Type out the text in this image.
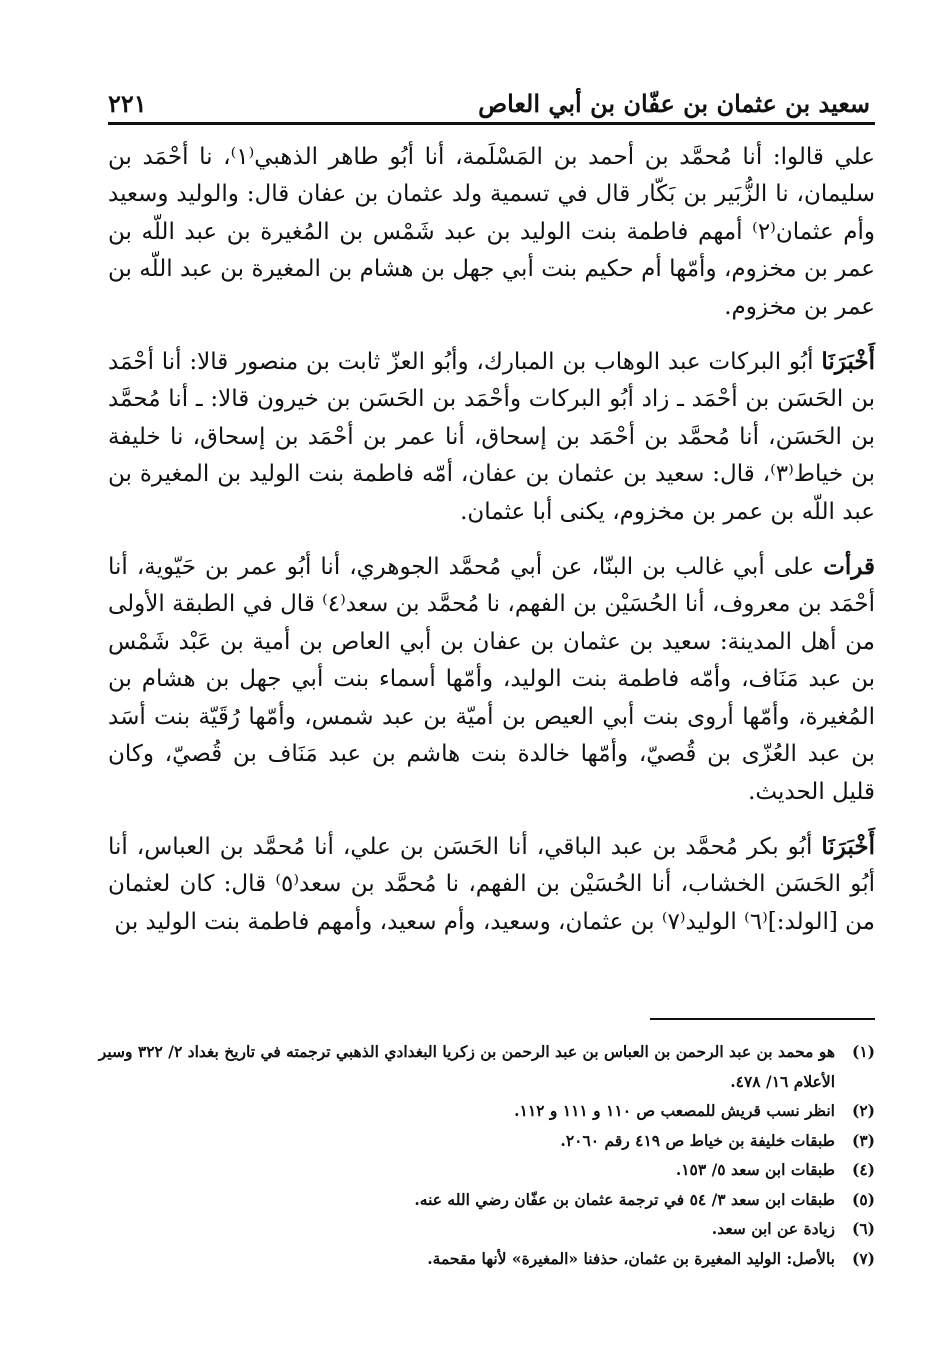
سعيد بن عثمان بن عفّان بن أبي العاص
٢٢١

علي قالوا: أنا مُحمَّد بن أحمد بن المَسْلَمة، أنا أبُو طاهر الذهبي⁽١⁾، نا أحْمَد بن سليمان، نا الزُّبَير بن بَكّار قال في تسمية ولد عثمان بن عفان قال: والوليد وسعيد وأم عثمان⁽٢⁾ أمهم فاطمة بنت الوليد بن عبد شَمْس بن المُغيرة بن عبد اللّه بن عمر بن مخزوم، وأمّها أم حكيم بنت أبي جهل بن هشام بن المغيرة بن عبد اللّه بن عمر بن مخزوم.

أَخْبَرَنَا أبُو البركات عبد الوهاب بن المبارك، وأبُو العزّ ثابت بن منصور قالا: أنا أحْمَد بن الحَسَن بن أحْمَد ـ زاد أبُو البركات وأحْمَد بن الحَسَن بن خيرون قالا: ـ أنا مُحمَّد بن الحَسَن، أنا مُحمَّد بن أحْمَد بن إسحاق، أنا عمر بن أحْمَد بن إسحاق، نا خليفة بن خياط⁽٣⁾، قال: سعيد بن عثمان بن عفان، أمّه فاطمة بنت الوليد بن المغيرة بن عبد اللّه بن عمر بن مخزوم، يكنى أبا عثمان.

قرأت على أبي غالب بن البنّا، عن أبي مُحمَّد الجوهري، أنا أبُو عمر بن حَيّوية، أنا أحْمَد بن معروف، أنا الحُسَيْن بن الفهم، نا مُحمَّد بن سعد⁽٤⁾ قال في الطبقة الأولى من أهل المدينة: سعيد بن عثمان بن عفان بن أبي العاص بن أمية بن عَبْد شَمْس بن عبد مَنَاف، وأمّه فاطمة بنت الوليد، وأمّها أسماء بنت أبي جهل بن هشام بن المُغيرة، وأمّها أروى بنت أبي العيص بن أميّة بن عبد شمس، وأمّها رُقَيّة بنت أسَد بن عبد العُزّى بن قُصيّ، وأمّها خالدة بنت هاشم بن عبد مَنَاف بن قُصيّ، وكان قليل الحديث.

أَخْبَرَنَا أبُو بكر مُحمَّد بن عبد الباقي، أنا الحَسَن بن علي، أنا مُحمَّد بن العباس، أنا أبُو الحَسَن الخشاب، أنا الحُسَيْن بن الفهم، نا مُحمَّد بن سعد⁽٥⁾ قال: كان لعثمان من [الولد:]⁽٦⁾ الوليد⁽٧⁾ بن عثمان، وسعيد، وأم سعيد، وأمهم فاطمة بنت الوليد بن

(١)
هو محمد بن عبد الرحمن بن العباس بن عبد الرحمن بن زكريا البغدادي الذهبي ترجمته في تاريخ بغداد ٢/ ٣٢٢ وسير الأعلام ١٦/ ٤٧٨.
(٢)
انظر نسب قريش للمصعب ص ١١٠ و ١١١ و ١١٢.
(٣)
طبقات خليفة بن خياط ص ٤١٩ رقم ٢٠٦٠.
(٤)
طبقات ابن سعد ٥/ ١٥٣.
(٥)
طبقات ابن سعد ٣/ ٥٤ في ترجمة عثمان بن عفّان رضي الله عنه.
(٦)
زيادة عن ابن سعد.
(٧)
بالأصل: الوليد المغيرة بن عثمان، حذفنا «المغيرة» لأنها مقحمة.
